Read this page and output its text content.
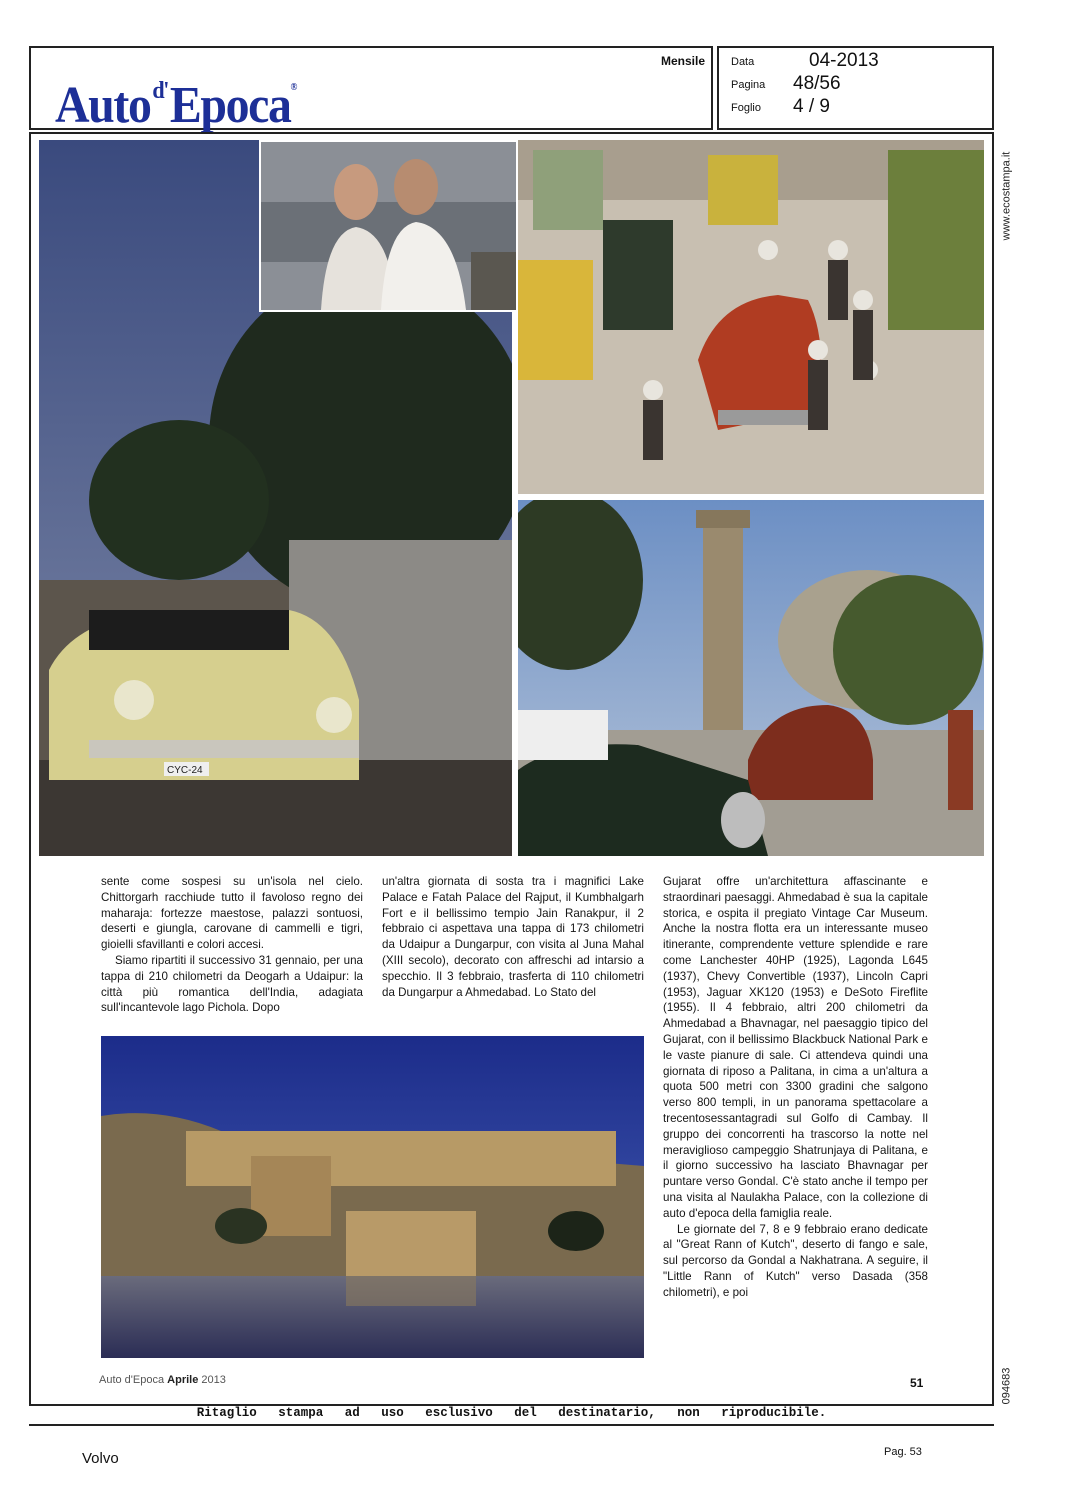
Auto$^{d'}$Epoca®
Mensile Data	04-2013
Pagina 48/56
Foglio 4 / 9
www.ecostampa.it
094683
CYC-24

sente come sospesi su un'isola nel cielo. Chittorgarh racchiude tutto il favoloso regno dei maharaja: fortezze maestose, palazzi sontuosi, deserti e giungla, carovane di cammelli e tigri, gioielli sfavillanti e colori accesi.

Siamo ripartiti il successivo 31 gennaio, per una tappa di 210 chilometri da Deogarh a Udaipur: la città più romantica dell'India, adagiata sull'incantevole lago Pichola. Dopo

un'altra giornata di sosta tra i magnifici Lake Palace e Fatah Palace del Rajput, il Kumbhalgarh Fort e il bellissimo tempio Jain Ranakpur, il 2 febbraio ci aspettava una tappa di 173 chilometri da Udaipur a Dungarpur, con visita al Juna Mahal (XIII secolo), decorato con affreschi ad intarsio a specchio. Il 3 febbraio, trasferta di 110 chilometri da Dungarpur a Ahmedabad. Lo Stato del

Gujarat offre un'architettura affascinante e straordinari paesaggi. Ahmedabad è sua la capitale storica, e ospita il pregiato Vintage Car Museum. Anche la nostra flotta era un interessante museo itinerante, comprendente vetture splendide e rare come Lanchester 40HP (1925), Lagonda L645 (1937), Chevy Convertible (1937), Lincoln Capri (1953), Jaguar XK120 (1953) e DeSoto Fireflite (1955). Il 4 febbraio, altri 200 chilometri da Ahmedabad a Bhavnagar, nel paesaggio tipico del Gujarat, con il bellissimo Blackbuck National Park e le vaste pianure di sale. Ci attendeva quindi una giornata di riposo a Palitana, in cima a un'altura a quota 500 metri con 3300 gradini che salgono verso 800 templi, in un panorama spettacolare a trecentosessantagradi sul Golfo di Cambay. Il gruppo dei concorrenti ha trascorso la notte nel meraviglioso campeggio Shatrunjaya di Palitana, e il giorno successivo ha lasciato Bhavnagar per puntare verso Gondal. C'è stato anche il tempo per una visita al Naulakha Palace, con la collezione di auto d'epoca della famiglia reale.

Le giornate del 7, 8 e 9 febbraio erano dedicate al "Great Rann of Kutch", deserto di fango e sale, sul percorso da Gondal a Nakhatrana. A seguire, il "Little Rann of Kutch" verso Dasada (358 chilometri), e poi

Auto d'Epoca Aprile 2013	51
Ritaglio stampa ad uso esclusivo del destinatario, non riproducibile.
Volvo	Pag. 53
